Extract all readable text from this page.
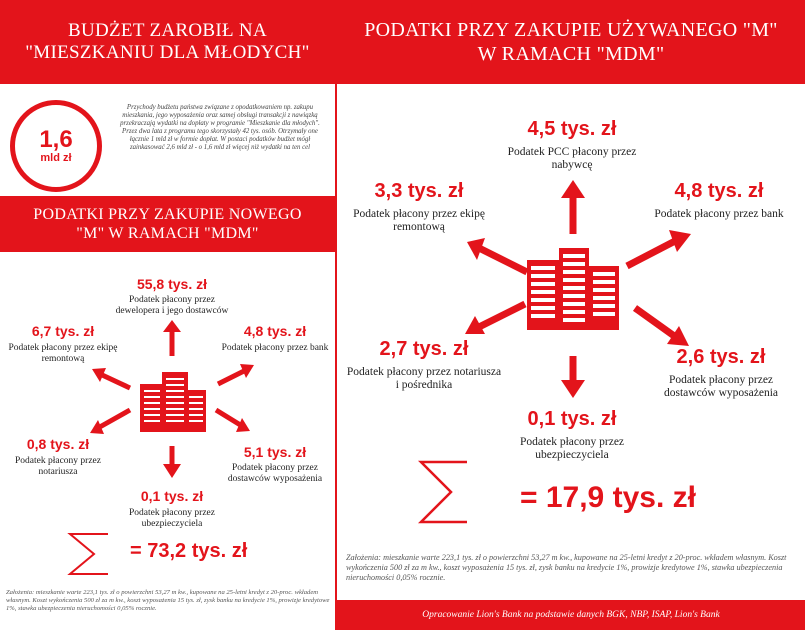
BUDŻET ZAROBIŁ NA "MIESZKANIU DLA MŁODYCH"
1,6
mld zł
Przychody budżetu państwa związane z opodatkowaniem np. zakupu mieszkania, jego wyposażenia oraz samej obsługi transakcji z nawiązką przekraczają wydatki na dopłaty w programie "Mieszkanie dla młodych". Przez dwa lata z programu tego skorzystały 42 tys. osób. Otrzymały one łącznie 1 mld zł w formie dopłat. W postaci podatków budżet mógł zainkasować 2,6 mld zł - o 1,6 mld zł więcej niż wydatki na ten cel
PODATKI PRZY ZAKUPIE NOWEGO "M" W RAMACH "MDM"
55,8 tys. zł
Podatek płacony przez dewelopera i jego dostawców
6,7 tys. zł
Podatek płacony przez ekipę remontową
4,8 tys. zł
Podatek płacony przez bank
0,8 tys. zł
Podatek płacony przez notariusza
5,1 tys. zł
Podatek płacony przez dostawców wyposażenia
0,1 tys. zł
Podatek płacony przez ubezpieczyciela
= 73,2 tys. zł
Założenia: mieszkanie warte 223,1 tys. zł o powierzchni 53,27 m kw., kupowane na 25-letni kredyt z 20-proc. wkładem własnym. Koszt wykończenia 500 zł za m kw., koszt wyposażenia 15 tys. zł, zysk banku na kredycie 1%, prowizje kredytowe 1%, stawka ubezpieczenia nieruchomości 0,05% rocznie.
PODATKI PRZY ZAKUPIE UŻYWANEGO "M" W RAMACH "MDM"
4,5 tys. zł
Podatek PCC płacony przez nabywcę
3,3 tys. zł
Podatek płacony przez ekipę remontową
4,8 tys. zł
Podatek płacony przez bank
2,7 tys. zł
Podatek płacony przez notariusza i pośrednika
2,6 tys. zł
Podatek płacony przez dostawców wyposażenia
0,1 tys. zł
Podatek płacony przez ubezpieczyciela
= 17,9 tys. zł
Założenia: mieszkanie warte 223,1 tys. zł o powierzchni 53,27 m kw., kupowane na 25-letni kredyt z 20-proc. wkładem własnym. Koszt wykończenia 500 zł za m kw., koszt wyposażenia 15 tys. zł, zysk banku na kredycie 1%, prowizje kredytowe 1%, stawka ubezpieczenia nieruchomości 0,05% rocznie.
Opracowanie Lion's Bank na podstawie danych BGK, NBP, ISAP, Lion's Bank
